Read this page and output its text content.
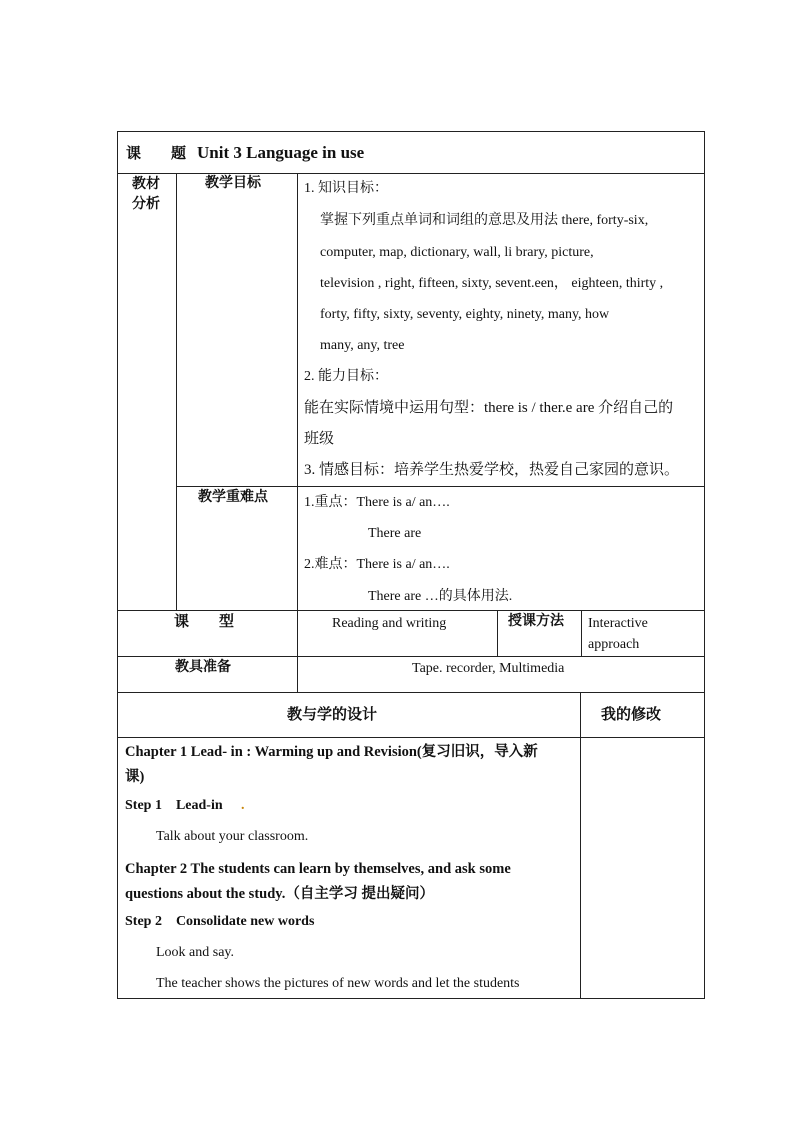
课　　题 Unit 3 Language in use
教材
分析
教学目标	1. 知识目标：
掌握下列重点单词和词组的意思及用法 there, forty-six,
computer, map, dictionary, wall, li brary, picture,
television , right, fifteen, sixty, sevent.een， eighteen, thirty ,
forty, fifty, sixty, seventy, eighty, ninety, many, how
many, any, tree
2. 能力目标：
能在实际情境中运用句型：there is / ther.e are 介绍自己的
班级
3. 情感目标：培养学生热爱学校，热爱自己家园的意识。
教学重难点	1.重点：There is a/ an….
There are
2.难点：There is a/ an….
There are …的具体用法.
课　　型	Reading and writing	授课方法 Interactive
approach
教具准备	Tape. recorder, Multimedia
教与学的设计	我的修改
Chapter 1 Lead- in : Warming up and Revision(复习旧识，导入新
课)
Step 1　Lead-in .
Talk about your classroom.
Chapter 2 The students can learn by themselves, and ask some
questions about the study.（自主学习 提出疑问）
Step 2　Consolidate new words
Look and say.
The teacher shows the pictures of new words and let the students
